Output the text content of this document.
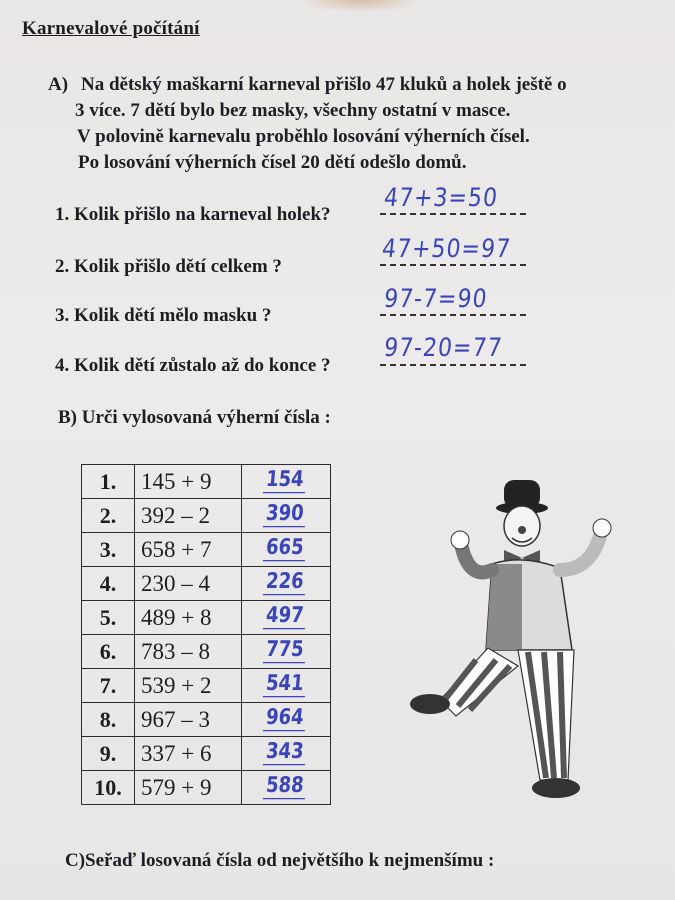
Karnevalové počítání
A) Na dětský maškarní karneval přišlo 47 kluků a holek ještě o
3 více. 7 dětí bylo bez masky, všechny ostatní v masce.
V polovině karnevalu proběhlo losování výherních čísel.
Po losování výherních čísel 20 dětí odešlo domů.
1. Kolik přišlo na karneval holek?
47+3=50
2. Kolik přišlo dětí celkem ?
47+50=97
3. Kolik dětí mělo masku ?
97-7=90
4. Kolik dětí zůstalo až do konce ?
97-20=77
B) Urči vylosovaná výherní čísla :
1.	145 + 9	154

2.	392 – 2	390

3.	658 + 7	665

4.	230 – 4	226

5.	489 + 8	497

6.	783 – 8	775

7.	539 + 2	541

8.	967 – 3	964

9.	337 + 6	343

10.	579 + 9	588
C)Seřaď losovaná čísla od největšího k nejmenšímu :
